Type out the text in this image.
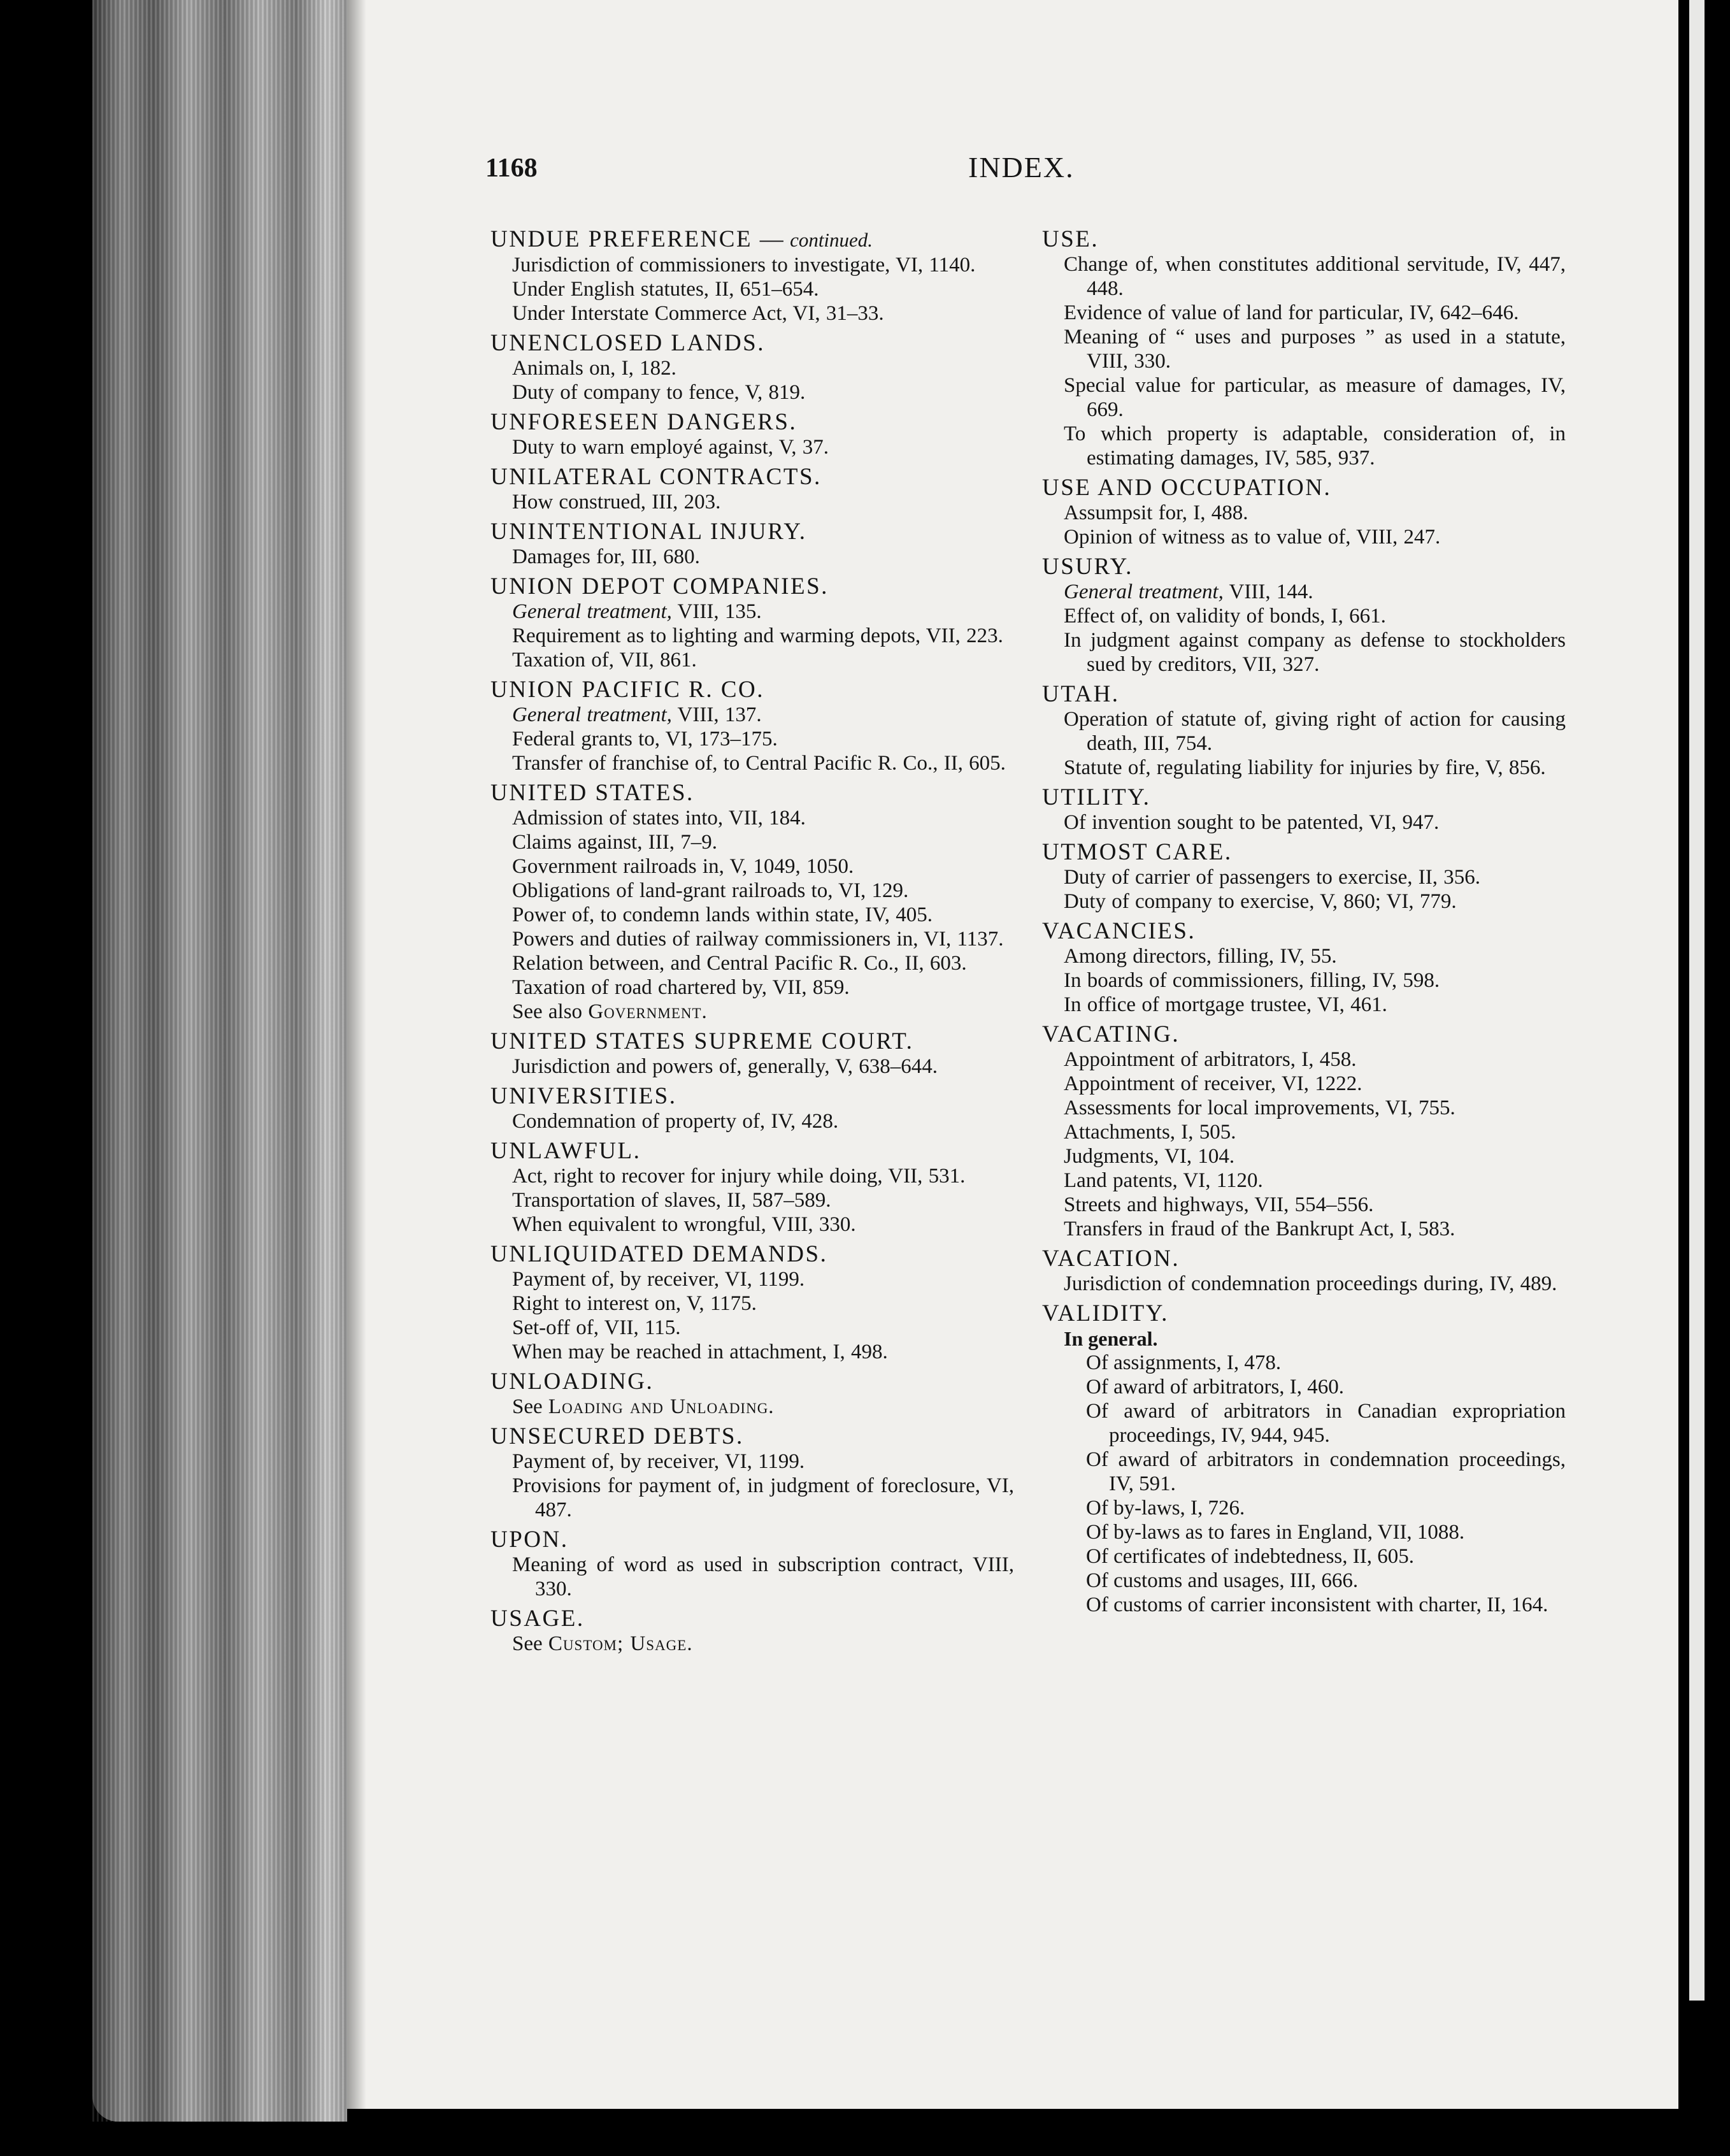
1168	INDEX.
UNDUE PREFERENCE — continued.
Jurisdiction of commissioners to investigate, VI, 1140.
Under English statutes, II, 651–654.
Under Interstate Commerce Act, VI, 31–33.
UNENCLOSED LANDS.
Animals on, I, 182.
Duty of company to fence, V, 819.
UNFORESEEN DANGERS.
Duty to warn employé against, V, 37.
UNILATERAL CONTRACTS.
How construed, III, 203.
UNINTENTIONAL INJURY.
Damages for, III, 680.
UNION DEPOT COMPANIES.
General treatment, VIII, 135.
Requirement as to lighting and warming depots, VII, 223.
Taxation of, VII, 861.
UNION PACIFIC R. CO.
General treatment, VIII, 137.
Federal grants to, VI, 173–175.
Transfer of franchise of, to Central Pacific R. Co., II, 605.
UNITED STATES.
Admission of states into, VII, 184.
Claims against, III, 7–9.
Government railroads in, V, 1049, 1050.
Obligations of land-grant railroads to, VI, 129.
Power of, to condemn lands within state, IV, 405.
Powers and duties of railway commissioners in, VI, 1137.
Relation between, and Central Pacific R. Co., II, 603.
Taxation of road chartered by, VII, 859.
See also Government.
UNITED STATES SUPREME COURT.
Jurisdiction and powers of, generally, V, 638–644.
UNIVERSITIES.
Condemnation of property of, IV, 428.
UNLAWFUL.
Act, right to recover for injury while doing, VII, 531.
Transportation of slaves, II, 587–589.
When equivalent to wrongful, VIII, 330.
UNLIQUIDATED DEMANDS.
Payment of, by receiver, VI, 1199.
Right to interest on, V, 1175.
Set-off of, VII, 115.
When may be reached in attachment, I, 498.
UNLOADING.
See Loading and Unloading.
UNSECURED DEBTS.
Payment of, by receiver, VI, 1199.
Provisions for payment of, in judgment of foreclosure, VI, 487.
UPON.
Meaning of word as used in subscription contract, VIII, 330.
USAGE.
See Custom; Usage.
USE.
Change of, when constitutes additional servitude, IV, 447, 448.
Evidence of value of land for particular, IV, 642–646.
Meaning of “ uses and purposes ” as used in a statute, VIII, 330.
Special value for particular, as measure of damages, IV, 669.
To which property is adaptable, consideration of, in estimating damages, IV, 585, 937.
USE AND OCCUPATION.
Assumpsit for, I, 488.
Opinion of witness as to value of, VIII, 247.
USURY.
General treatment, VIII, 144.
Effect of, on validity of bonds, I, 661.
In judgment against company as defense to stockholders sued by creditors, VII, 327.
UTAH.
Operation of statute of, giving right of action for causing death, III, 754.
Statute of, regulating liability for injuries by fire, V, 856.
UTILITY.
Of invention sought to be patented, VI, 947.
UTMOST CARE.
Duty of carrier of passengers to exercise, II, 356.
Duty of company to exercise, V, 860; VI, 779.
VACANCIES.
Among directors, filling, IV, 55.
In boards of commissioners, filling, IV, 598.
In office of mortgage trustee, VI, 461.
VACATING.
Appointment of arbitrators, I, 458.
Appointment of receiver, VI, 1222.
Assessments for local improvements, VI, 755.
Attachments, I, 505.
Judgments, VI, 104.
Land patents, VI, 1120.
Streets and highways, VII, 554–556.
Transfers in fraud of the Bankrupt Act, I, 583.
VACATION.
Jurisdiction of condemnation proceedings during, IV, 489.
VALIDITY.
In general.
Of assignments, I, 478.
Of award of arbitrators, I, 460.
Of award of arbitrators in Canadian expropriation proceedings, IV, 944, 945.
Of award of arbitrators in condemnation proceedings, IV, 591.
Of by-laws, I, 726.
Of by-laws as to fares in England, VII, 1088.
Of certificates of indebtedness, II, 605.
Of customs and usages, III, 666.
Of customs of carrier inconsistent with charter, II, 164.
